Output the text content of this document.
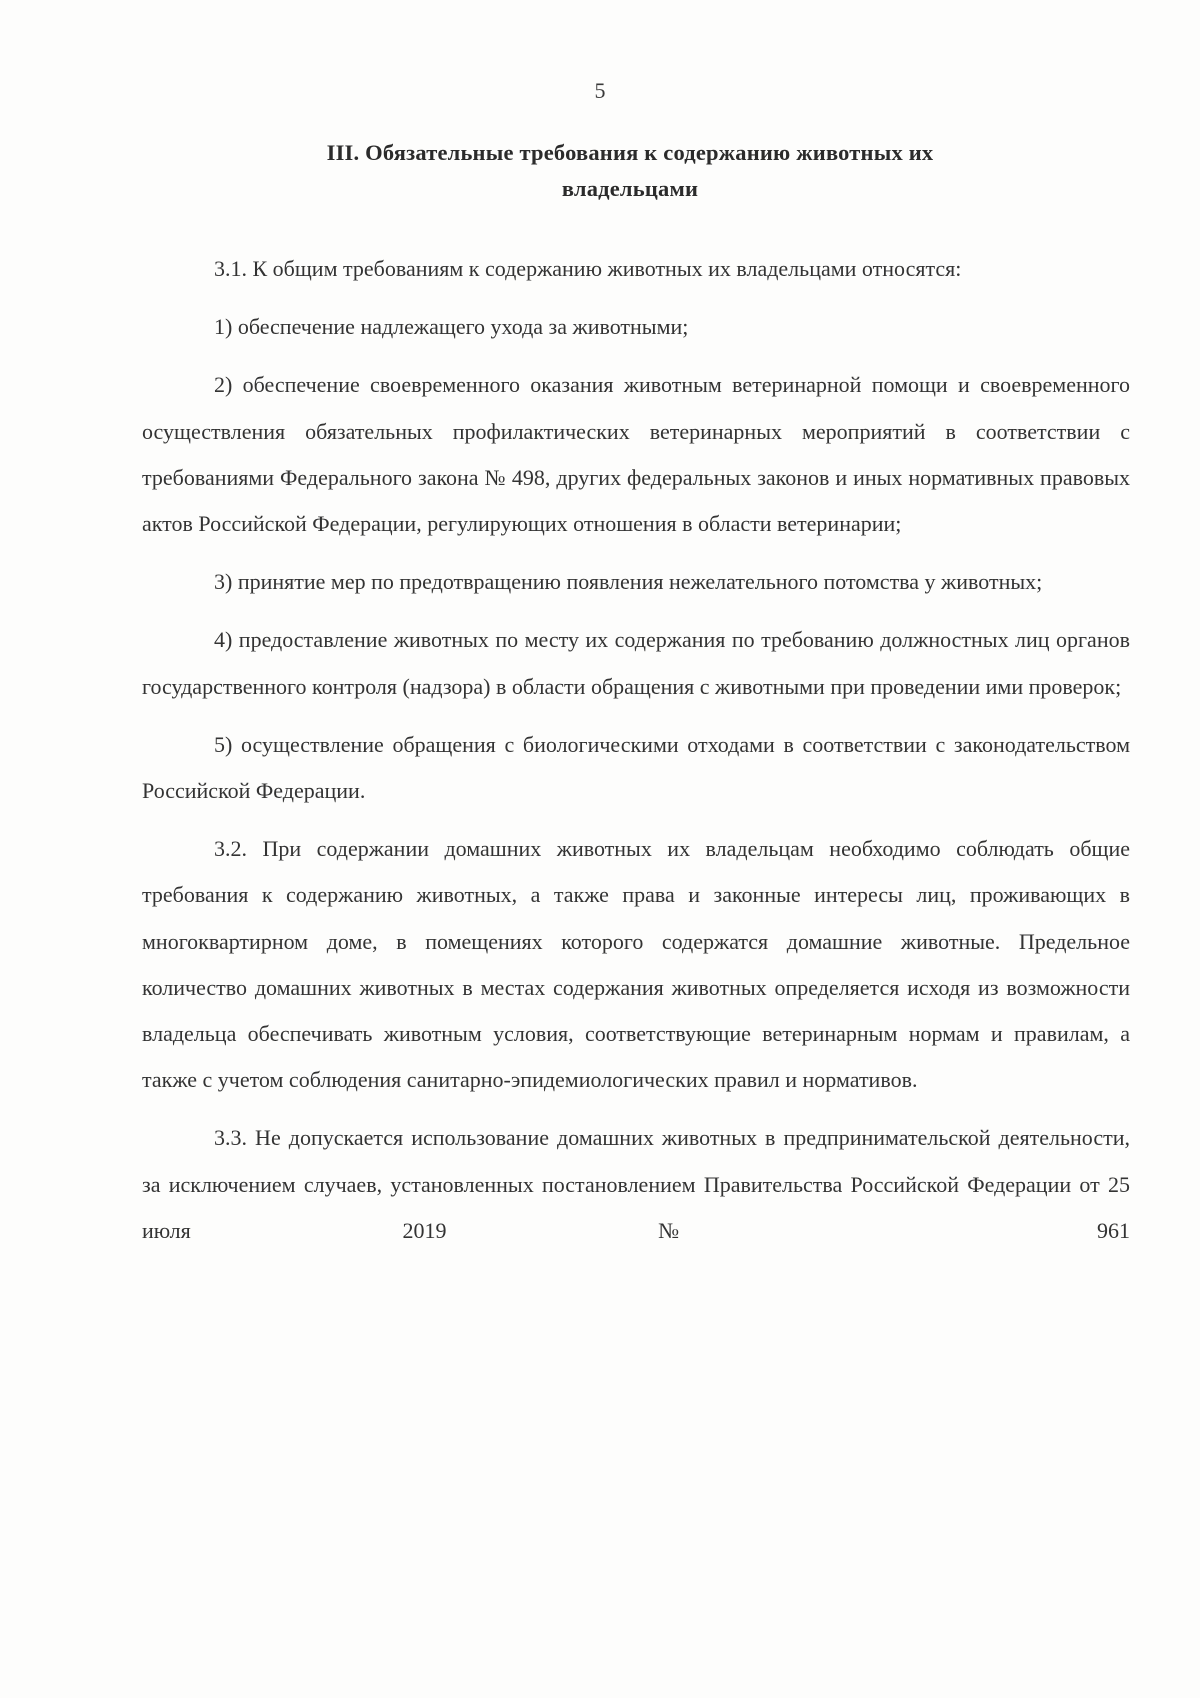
5
III. Обязательные требования к содержанию животных их
владельцами

3.1. К общим требованиям к содержанию животных их владельцами относятся:

1) обеспечение надлежащего ухода за животными;

2) обеспечение своевременного оказания животным ветеринарной помощи и своевременного осуществления обязательных профилактических ветеринарных мероприятий в соответствии с требованиями Федерального закона № 498, других федеральных законов и иных нормативных правовых актов Российской Федерации, регулирующих отношения в области ветеринарии;

3) принятие мер по предотвращению появления нежелательного потомства у животных;

4) предоставление животных по месту их содержания по требованию должностных лиц органов государственного контроля (надзора) в области обращения с животными при проведении ими проверок;

5) осуществление обращения с биологическими отходами в соответствии с законодательством Российской Федерации.

3.2. При содержании домашних животных их владельцам необходимо соблюдать общие требования к содержанию животных, а также права и законные интересы лиц, проживающих в многоквартирном доме, в помещениях которого содержатся домашние животные. Предельное количество домашних животных в местах содержания животных определяется исходя из возможности владельца обеспечивать животным условия, соответствующие ветеринарным нормам и правилам, а также с учетом соблюдения санитарно-эпидемиологических правил и нормативов.

3.3. Не допускается использование домашних животных в предпринимательской деятельности, за исключением случаев, установленных постановлением Правительства Российской Федерации от 25 июля 2019 № 961
